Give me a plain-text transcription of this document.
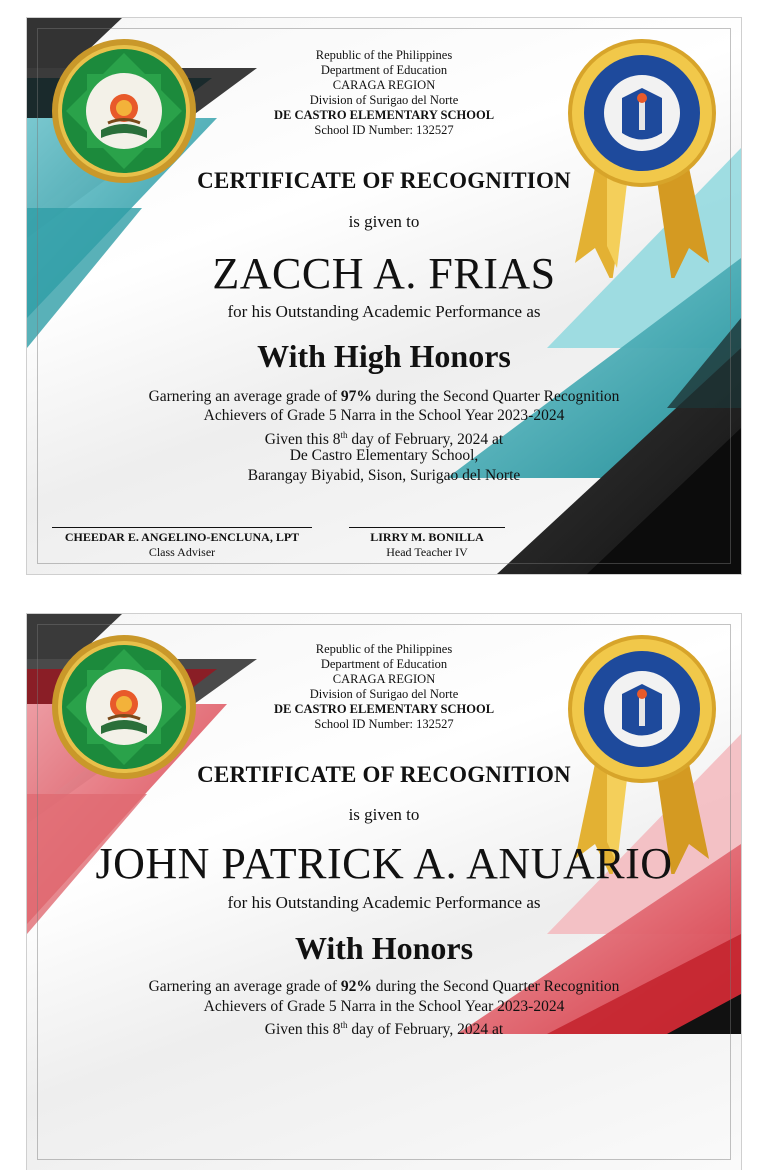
Republic of the Philippines
Department of Education
CARAGA REGION
Division of Surigao del Norte
DE CASTRO ELEMENTARY SCHOOL
School ID Number: 132527
CERTIFICATE OF RECOGNITION
is given to
ZACCH A. FRIAS
for his Outstanding Academic Performance as
With High Honors
Garnering an average grade of 97% during the Second Quarter Recognition
Achievers of Grade 5 Narra in the School Year 2023-2024
Given this 8th day of February, 2024 at
De Castro Elementary School,
Barangay Biyabid, Sison, Surigao del Norte
CHEEDAR E. ANGELINO-ENCLUNA, LPT
Class Adviser
LIRRY M. BONILLA
Head Teacher IV
Republic of the Philippines
Department of Education
CARAGA REGION
Division of Surigao del Norte
DE CASTRO ELEMENTARY SCHOOL
School ID Number: 132527
CERTIFICATE OF RECOGNITION
is given to
JOHN PATRICK A. ANUARIO
for his Outstanding Academic Performance as
With Honors
Garnering an average grade of 92% during the Second Quarter Recognition
Achievers of Grade 5 Narra in the School Year 2023-2024
Given this 8th day of February, 2024 at
